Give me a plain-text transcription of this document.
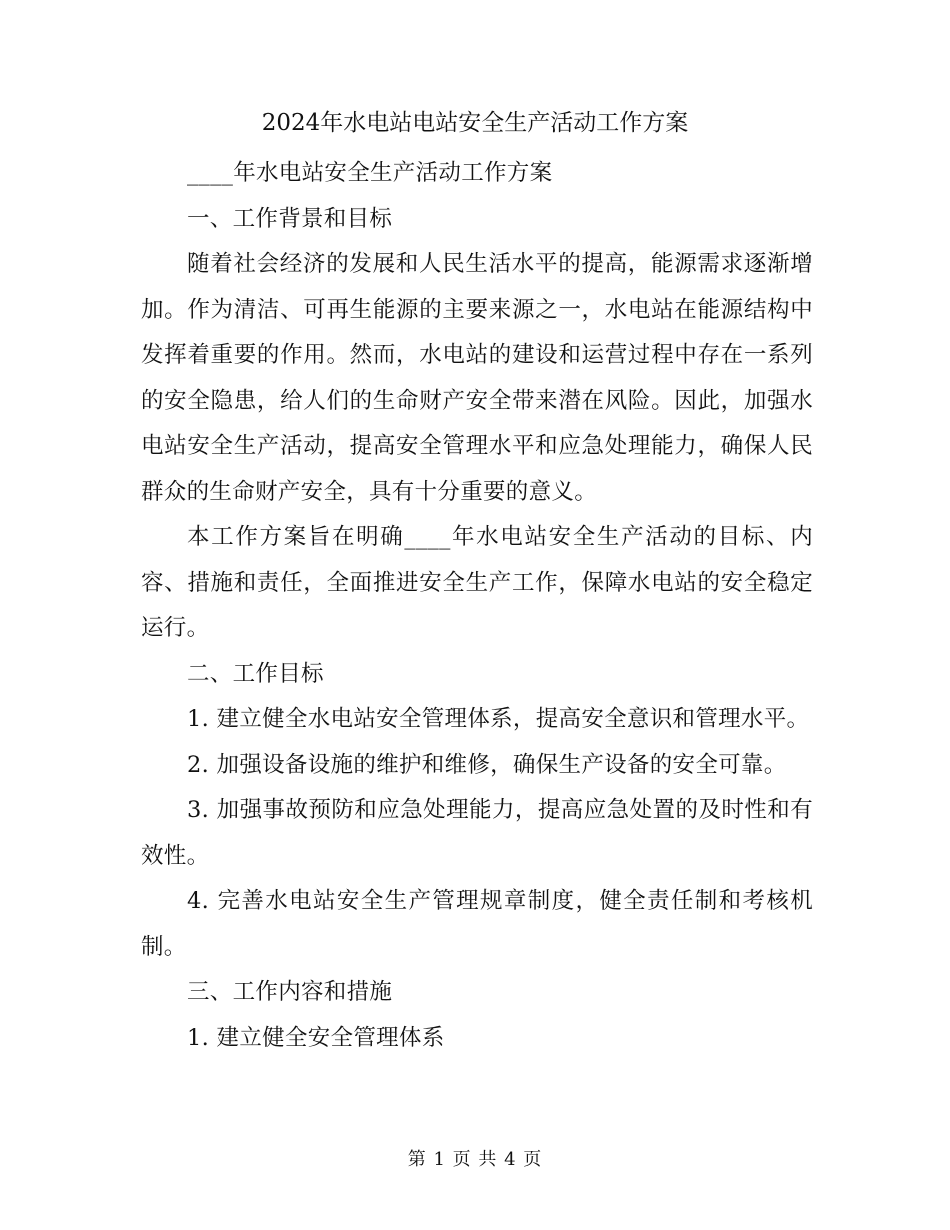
2024年水电站电站安全生产活动工作方案

____年水电站安全生产活动工作方案

一、工作背景和目标

随着社会经济的发展和人民生活水平的提高，能源需求逐渐增加。作为清洁、可再生能源的主要来源之一，水电站在能源结构中发挥着重要的作用。然而，水电站的建设和运营过程中存在一系列的安全隐患，给人们的生命财产安全带来潜在风险。因此，加强水电站安全生产活动，提高安全管理水平和应急处理能力，确保人民群众的生命财产安全，具有十分重要的意义。

本工作方案旨在明确____年水电站安全生产活动的目标、内容、措施和责任，全面推进安全生产工作，保障水电站的安全稳定运行。

二、工作目标

1. 建立健全水电站安全管理体系，提高安全意识和管理水平。

2. 加强设备设施的维护和维修，确保生产设备的安全可靠。

3. 加强事故预防和应急处理能力，提高应急处置的及时性和有效性。

4. 完善水电站安全生产管理规章制度，健全责任制和考核机制。

三、工作内容和措施

1. 建立健全安全管理体系

第 1 页 共 4 页
